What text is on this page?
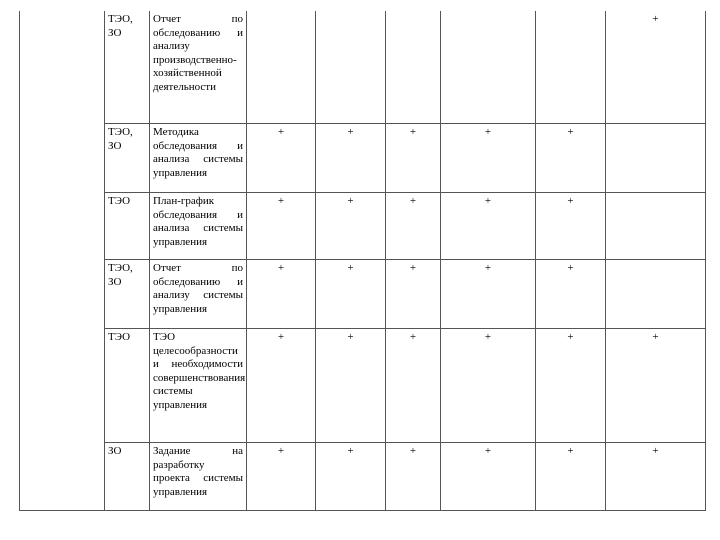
	ТЭО, ЗО	Отчет по обследованию и анализу производственно-хозяйственной деятельности						+
	ТЭО, ЗО	Методика обследования и анализа системы управления	+	+	+	+	+	
	ТЭО	План-график обследования и анализа системы управления	+	+	+	+	+	
	ТЭО, ЗО	Отчет по обследованию и анализу системы управления	+	+	+	+	+	
	ТЭО	ТЭО целесообразности и необходимости совершенствования системы управления	+	+	+	+	+	+
	ЗО	Задание на разработку проекта системы управления	+	+	+	+	+	+
